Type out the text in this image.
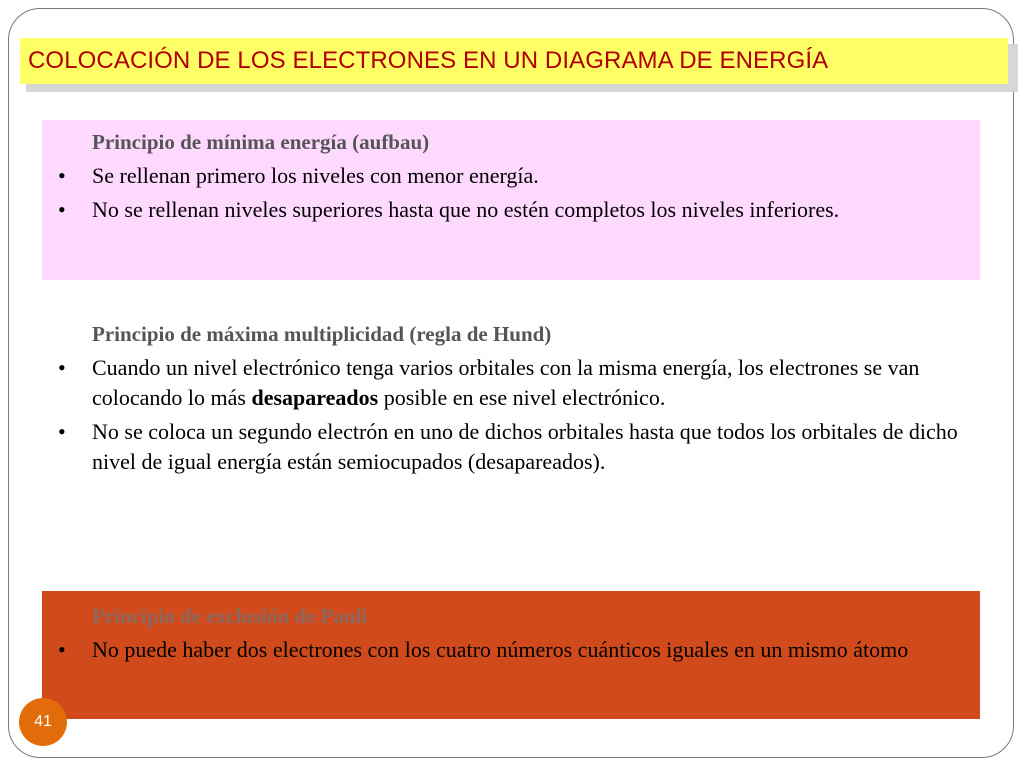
COLOCACIÓN DE LOS ELECTRONES EN UN DIAGRAMA DE ENERGÍA
Principio de mínima energía (aufbau)
• Se rellenan primero los niveles con menor energía.
• No se rellenan niveles superiores hasta que no estén completos los niveles inferiores.
Principio de máxima multiplicidad (regla de Hund)
• Cuando un nivel electrónico tenga varios orbitales con la misma energía, los electrones se van colocando lo más desapareados posible en ese nivel electrónico.
• No se coloca un segundo electrón en uno de dichos orbitales hasta que todos los orbitales de dicho nivel de igual energía están semiocupados (desapareados).
Principio de exclusión de Pauli
• No puede haber dos electrones con los cuatro números cuánticos iguales en un mismo átomo
41
